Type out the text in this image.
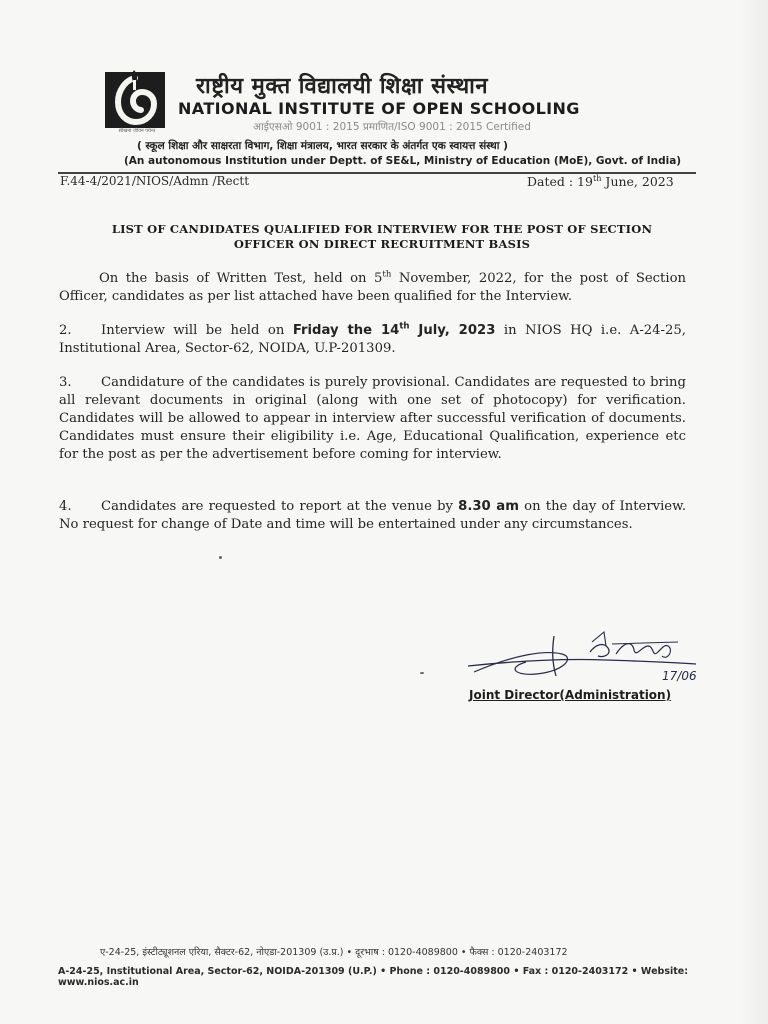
सीखना जीवन पर्यन्त
राष्ट्रीय मुक्त विद्यालयी शिक्षा संस्थान
NATIONAL INSTITUTE OF OPEN SCHOOLING
आईएसओ 9001 : 2015 प्रमाणित/ISO 9001 : 2015 Certified
( स्कूल शिक्षा और साक्षरता विभाग, शिक्षा मंत्रालय, भारत सरकार के अंतर्गत एक स्वायत्त संस्था )
(An autonomous Institution under Deptt. of SE&L, Ministry of Education (MoE), Govt. of India)
F.44-4/2021/NIOS/Admn /Rectt	Dated : 19th June, 2023
LIST OF CANDIDATES QUALIFIED FOR INTERVIEW FOR THE POST OF SECTION
OFFICER ON DIRECT RECRUITMENT BASIS
On the basis of Written Test, held on 5th November, 2022, for the post of Section Officer, candidates as per list attached have been qualified for the Interview.
2. Interview will be held on Friday the 14th July, 2023 in NIOS HQ i.e. A-24-25, Institutional Area, Sector-62, NOIDA, U.P-201309.
3. Candidature of the candidates is purely provisional. Candidates are requested to bring all relevant documents in original (along with one set of photocopy) for verification. Candidates will be allowed to appear in interview after successful verification of documents. Candidates must ensure their eligibility i.e. Age, Educational Qualification, experience etc for the post as per the advertisement before coming for interview.
4. Candidates are requested to report at the venue by 8.30 am on the day of Interview. No request for change of Date and time will be entertained under any circumstances.
17/06
Joint Director(Administration)
ए-24-25, इंस्टीट्यूशनल एरिया, सैक्टर-62, नोएडा-201309 (उ.प्र.) • दूरभाष : 0120-4089800 • फैक्स : 0120-2403172
A-24-25, Institutional Area, Sector-62, NOIDA-201309 (U.P.) • Phone : 0120-4089800 • Fax : 0120-2403172 • Website: www.nios.ac.in
